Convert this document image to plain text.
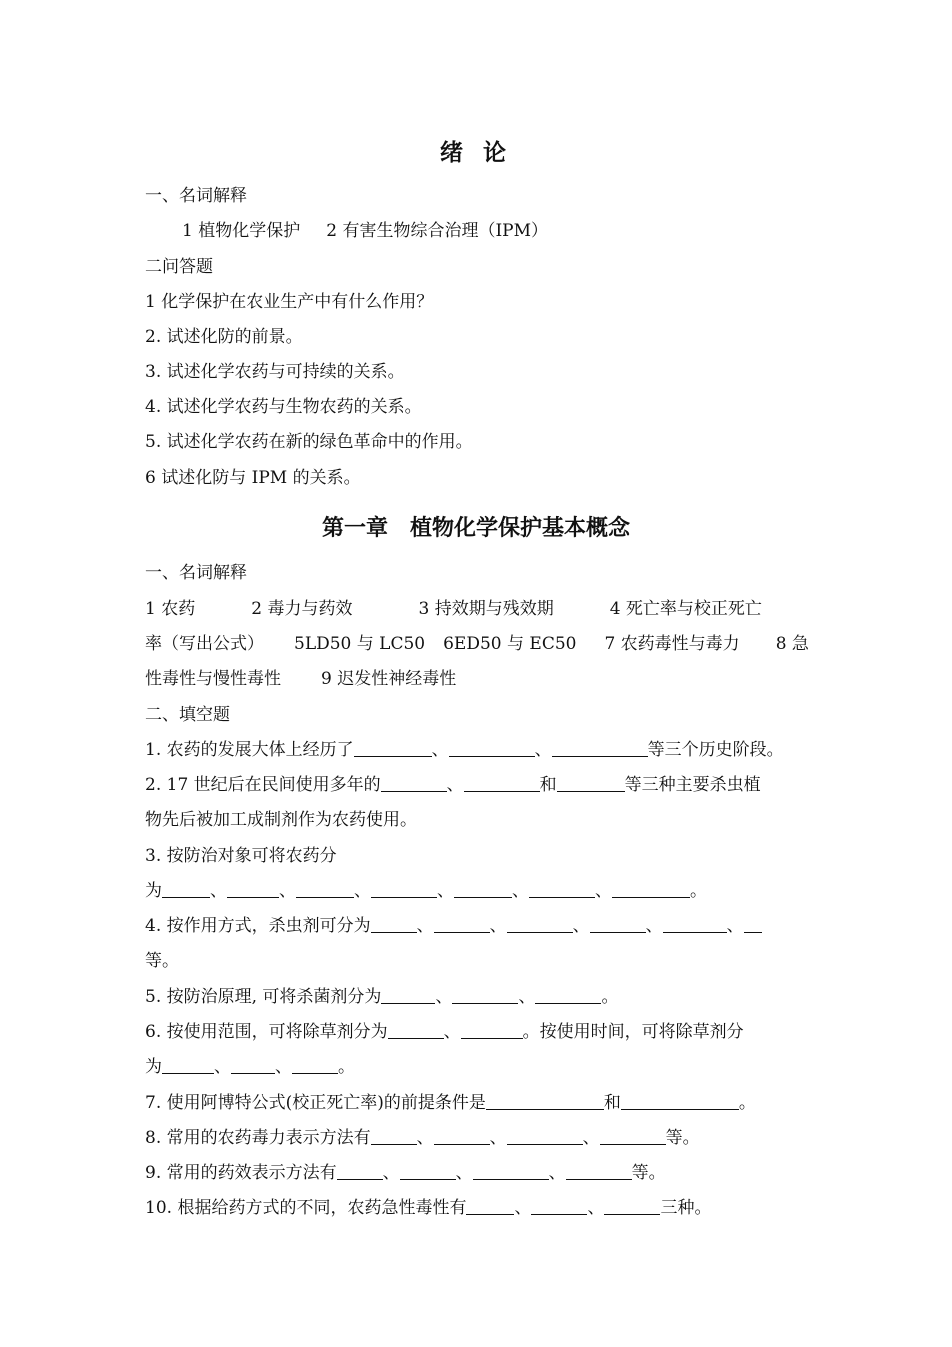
绪 论
一、名词解释
1 植物化学保护 2 有害生物综合治理（IPM）
二问答题
1 化学保护在农业生产中有什么作用？
2. 试述化防的前景。
3. 试述化学农药与可持续的关系。
4. 试述化学农药与生物农药的关系。
5. 试述化学农药在新的绿色革命中的作用。
6 试述化防与 IPM 的关系。
第一章　植物化学保护基本概念
一、名词解释
1 农药	2 毒力与药效	3 持效期与残效期	4 死亡率与校正死亡
率（写出公式） 5LD50 与 LC50 6ED50 与 EC50 7 农药毒性与毒力 8 急
性毒性与慢性毒性 9 迟发性神经毒性
二、填空题
1. 农药的发展大体上经历了	、	、	等三个历史阶段。
2. 17 世纪后在民间使用多年的	、	和	等三种主要杀虫植
物先后被加工成制剂作为农药使用。
3. 按防治对象可将农药分
为	、	、	、	、	、	、	。
4. 按作用方式，杀虫剂可分为	、	、	、	、	、
等。
5. 按防治原理, 可将杀菌剂分为	、	、	。
6. 按使用范围，可将除草剂分为	、	。按使用时间，可将除草剂分
为	、	、	。
7. 使用阿博特公式(校正死亡率)的前提条件是	和	。
8. 常用的农药毒力表示方法有	、	、	、	等。
9. 常用的药效表示方法有	、	、	、	等。
10. 根据给药方式的不同，农药急性毒性有	、	、	三种。
